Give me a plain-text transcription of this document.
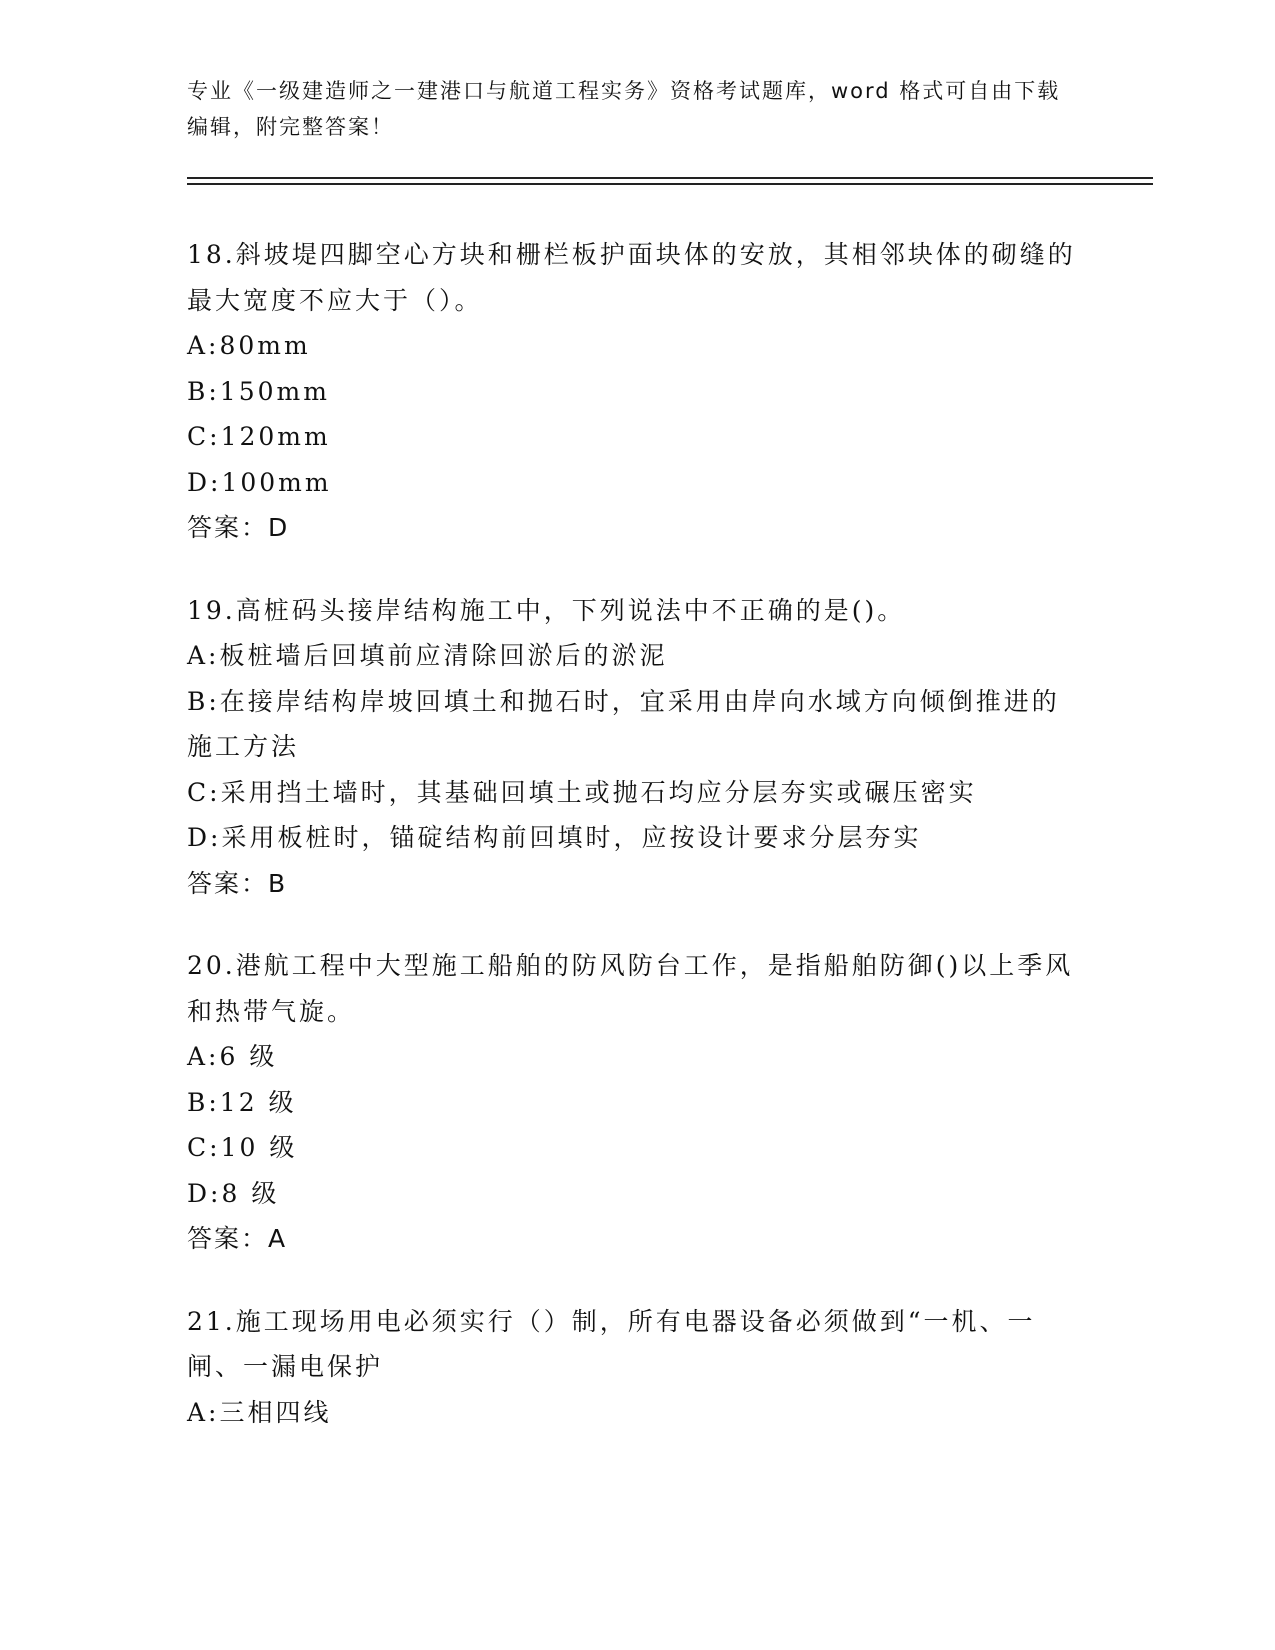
专业《一级建造师之一建港口与航道工程实务》资格考试题库，word 格式可自由下载编辑，附完整答案！
18.斜坡堤四脚空心方块和栅栏板护面块体的安放，其相邻块体的砌缝的最大宽度不应大于（）。
A: 80mm
B: 150mm
C: 120mm
D: 100mm
答案：D
19.高桩码头接岸结构施工中，下列说法中不正确的是()。
A: 板桩墙后回填前应清除回淤后的淤泥
B:在接岸结构岸坡回填土和抛石时，宜采用由岸向水域方向倾倒推进的施工方法
C: 采用挡土墙时，其基础回填土或抛石均应分层夯实或碾压密实
D: 采用板桩时，锚碇结构前回填时，应按设计要求分层夯实
答案：B
20.港航工程中大型施工船舶的防风防台工作，是指船舶防御()以上季风和热带气旋。
A: 6 级
B: 12 级
C: 10 级
D: 8 级
答案：A
21.施工现场用电必须实行（）制，所有电器设备必须做到“一机、一闸、一漏电保护
A: 三相四线
